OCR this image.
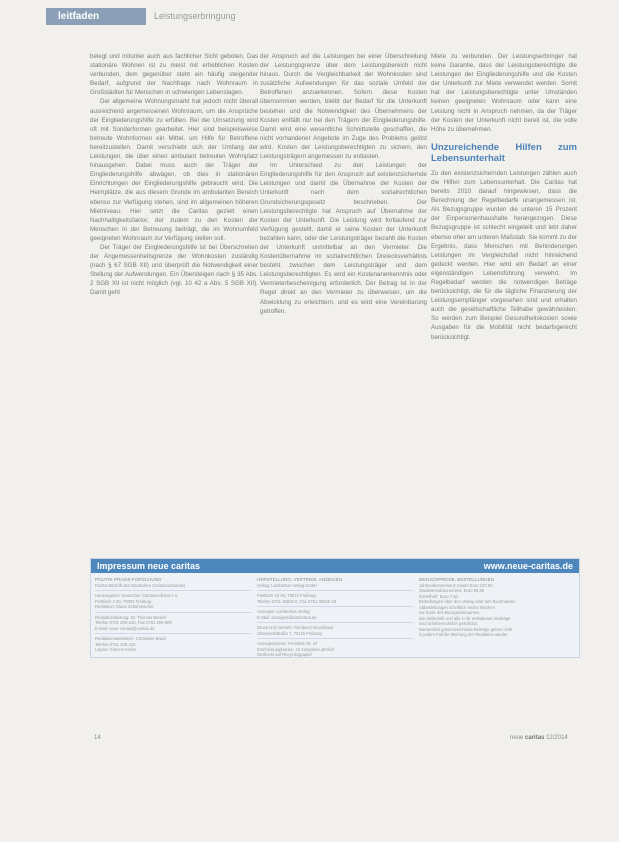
leitfaden	Leistungserbringung

belegt und mitunter auch aus fachlicher Sicht geboten. Das stationäre Wohnen ist zu meist mit erheblichen Kosten verbunden, dem gegenüber steht ein häufig steigender Bedarf, aufgrund der Nachfrage nach Wohnraum in Großstädten für Menschen in schwierigen Lebenslagen.

Der allgemeine Wohnungsmarkt hat jedoch nicht überall ausreichend angemessenen Wohnraum, um die Ansprüche der Eingliederungshilfe zu erfüllen. Bei der Umsetzung wird oft mit Sonderformen gearbeitet. Hier sind beispielsweise betreute Wohnformen ein Mittel, um Hilfe für Betroffene bereitzustellen. Damit verschiebt sich der Umfang der Leistungen, die über einen ambulant betreuten Wohnplatz hinausgehen. Dabei muss auch der Träger der Eingliederungshilfe abwägen, ob dies in stationären Einrichtungen der Eingliederungshilfe gebraucht wird. Die Heimplätze, die aus diesem Grunde im ambulanten Bereich ebenso zur Verfügung stehen, sind im allgemeinen höheren Mietniveau. Hier setzt die Caritas gezielt einen Nachhaltigkeitsfaktor, der zudem zu den Kosten der Menschen in der Betreuung beiträgt, die im Wohnumfeld geeigneten Wohnraum zur Verfügung stellen soll.

Der Träger der Eingliederungshilfe ist bei Überschreiten der Angemessenheitsgrenze der Wohnkosten zuständig (nach § 67 SGB XII) und überprüft die Notwendigkeit einer Stellung der Aufwendungen. Ein Übersteigen nach § 35 Abs. 2 SGB XII ist nicht möglich (vgl. 10 42 a Abs. 5 SGB XII). Damit geht

der Anspruch auf die Leistungen bei einer Überschreitung der Leistungsgrenze über dem Leistungsbereich nicht hinaus. Durch die Vergleichbarkeit der Wohnkosten sind zusätzliche Aufwendungen für das soziale Umfeld der Betroffenen anzuerkennen. Sofern diese Kosten übernommen werden, bleibt der Bedarf für die Unterkunft bestehen und die Notwendigkeit des Übernehmens der Kosten entfällt nur bei den Trägern der Eingliederungshilfe. Damit wird eine wesentliche Schnittstelle geschaffen, die nicht vorhandener Angebote im Zuge des Problems gelöst wird. Kosten der Leistungsberechtigten zu sichern, den Leistungsträgern angemessen zu entlasten.

Im Unterschied zu den Leistungen der Eingliederungshilfe für den Anspruch auf existenzsichernde Leistungen und damit die Übernahme der Kosten der Unterkunft nach dem sozialrechtlichen Grundsicherungsgesetz beschrieben. Der Leistungsberechtigte hat Anspruch auf Übernahme der Kosten der Unterkunft. Die Leistung wird fortlaufend zur Verfügung gestellt, damit er seine Kosten der Unterkunft bezahlen kann, oder der Leistungsträger bezahlt die Kosten der Unterkunft unmittelbar an den Vermieter. Die Kostenübernahme im sozialrechtlichen Dreiecksverhältnis besteht zwischen dem Leistungsträger und dem Leistungsberechtigten. Es wird ein Kostenanerkenntnis oder Vermieterbescheinigung erforderlich. Der Betrag ist in der Regel direkt an den Vermieter zu überweisen, um die Abwicklung zu erleichtern, und es wird eine Vereinbarung getroffen.

Miete zu verbunden. Der Leistungserbringer hat keine Garantie, dass der Leistungsberechtigte die Leistungen der Eingliederungshilfe und die Kosten der Unterkunft zur Miete verwendet werden. Somit hat der Leistungsberechtigte unter Umständen keinen geeigneten Wohnraum oder kann eine Leistung nicht in Anspruch nehmen, da der Träger der Kosten der Unterkunft nicht bereit ist, die volle Höhe zu übernehmen.

Unzureichende Hilfen zum Lebensunterhalt

Zu den existenzsichernden Leistungen zählen auch die Hilfen zum Lebensunterhalt. Die Caritas hat bereits 2010 darauf hingewiesen, dass die Berechnung der Regelbedarfe unangemessen ist. Als Bezugsgruppe wurden die unteren 15 Prozent der Einpersonenhaushalte herangezogen. Diese Bezugsgruppe ist schlecht eingeteilt und lebt daher ebenso eher am unteren Maßstab. Sie kommt zu der Ergebnis, dass Menschen mit Behinderungen Leistungen im Vergleichsfall nicht hinreichend gedeckt werden. Hier wird ein Bedarf an einer eigenständigen Lebensführung verwehrt. Im Regelbedarf werden die notwendigen Beträge berücksichtigt, die für die tägliche Finanzierung der Leistungsempfänger vorgesehen sind und erhalten auch die gesellschaftliche Teilhabe gewährleisten. So werden zum Beispiel Gesundheitskosten sowie Ausgaben für die Mobilität nicht bedarfsgerecht berücksichtigt.

Impressum neue caritas	www.neue-caritas.de
POLITIK PRAXIS FORSCHUNG
Fachzeitschrift des Deutschen Caritasverbandes
Herausgeber: Deutscher Caritasverband e.V.
Postfach 4 20, 79004 Freiburg
Redaktion: Klaus Schuhmacher
Redaktionsleitung: Dr. Thomas Becker
Telefon 0761 200-410, Fax 0761 200-509
E-Mail: neue-caritas@caritas.de
Redaktionsassistenz: Christiane Bradt
Telefon 0761 200-410
Layout: Simone Kiefer
HERSTELLUNG, VERTRIEB, ANZEIGEN
Verlag: Lambertus Verlag GmbH
Postfach 10 26, 79010 Freiburg
Telefon 0761 36825-0, Fax 0761 36825-33
Anzeigen: Lambertus Verlag
E-Mail: anzeigen@lambertus.de
Druck und Vertrieb: Rombach Druckhaus
Unterwerkstraße 7, 79115 Freiburg
Anzeigenpreise: Preisliste Nr. 47
Erscheinungsweise: 22 Ausgaben jährlich
Gedruckt auf Recyclingpapier
BEZUGSPREISE, BESTELLUNGEN
Jahresabonnement: Inland Euro 107,80
Studentenabonnement: Euro 58,80
Einzelheft: Euro 7,50
Bestellungen über den Verlag oder den Buchhandel
Abbestellungen schriftlich sechs Wochen
vor Ende des Bezugszeitraumes
Die Zeitschrift und alle in ihr enthaltenen Beiträge
sind urheberrechtlich geschützt.
Namentlich gekennzeichnete Beiträge geben nicht
in jedem Fall die Meinung der Redaktion wieder.
14	neue caritas 12/2014
